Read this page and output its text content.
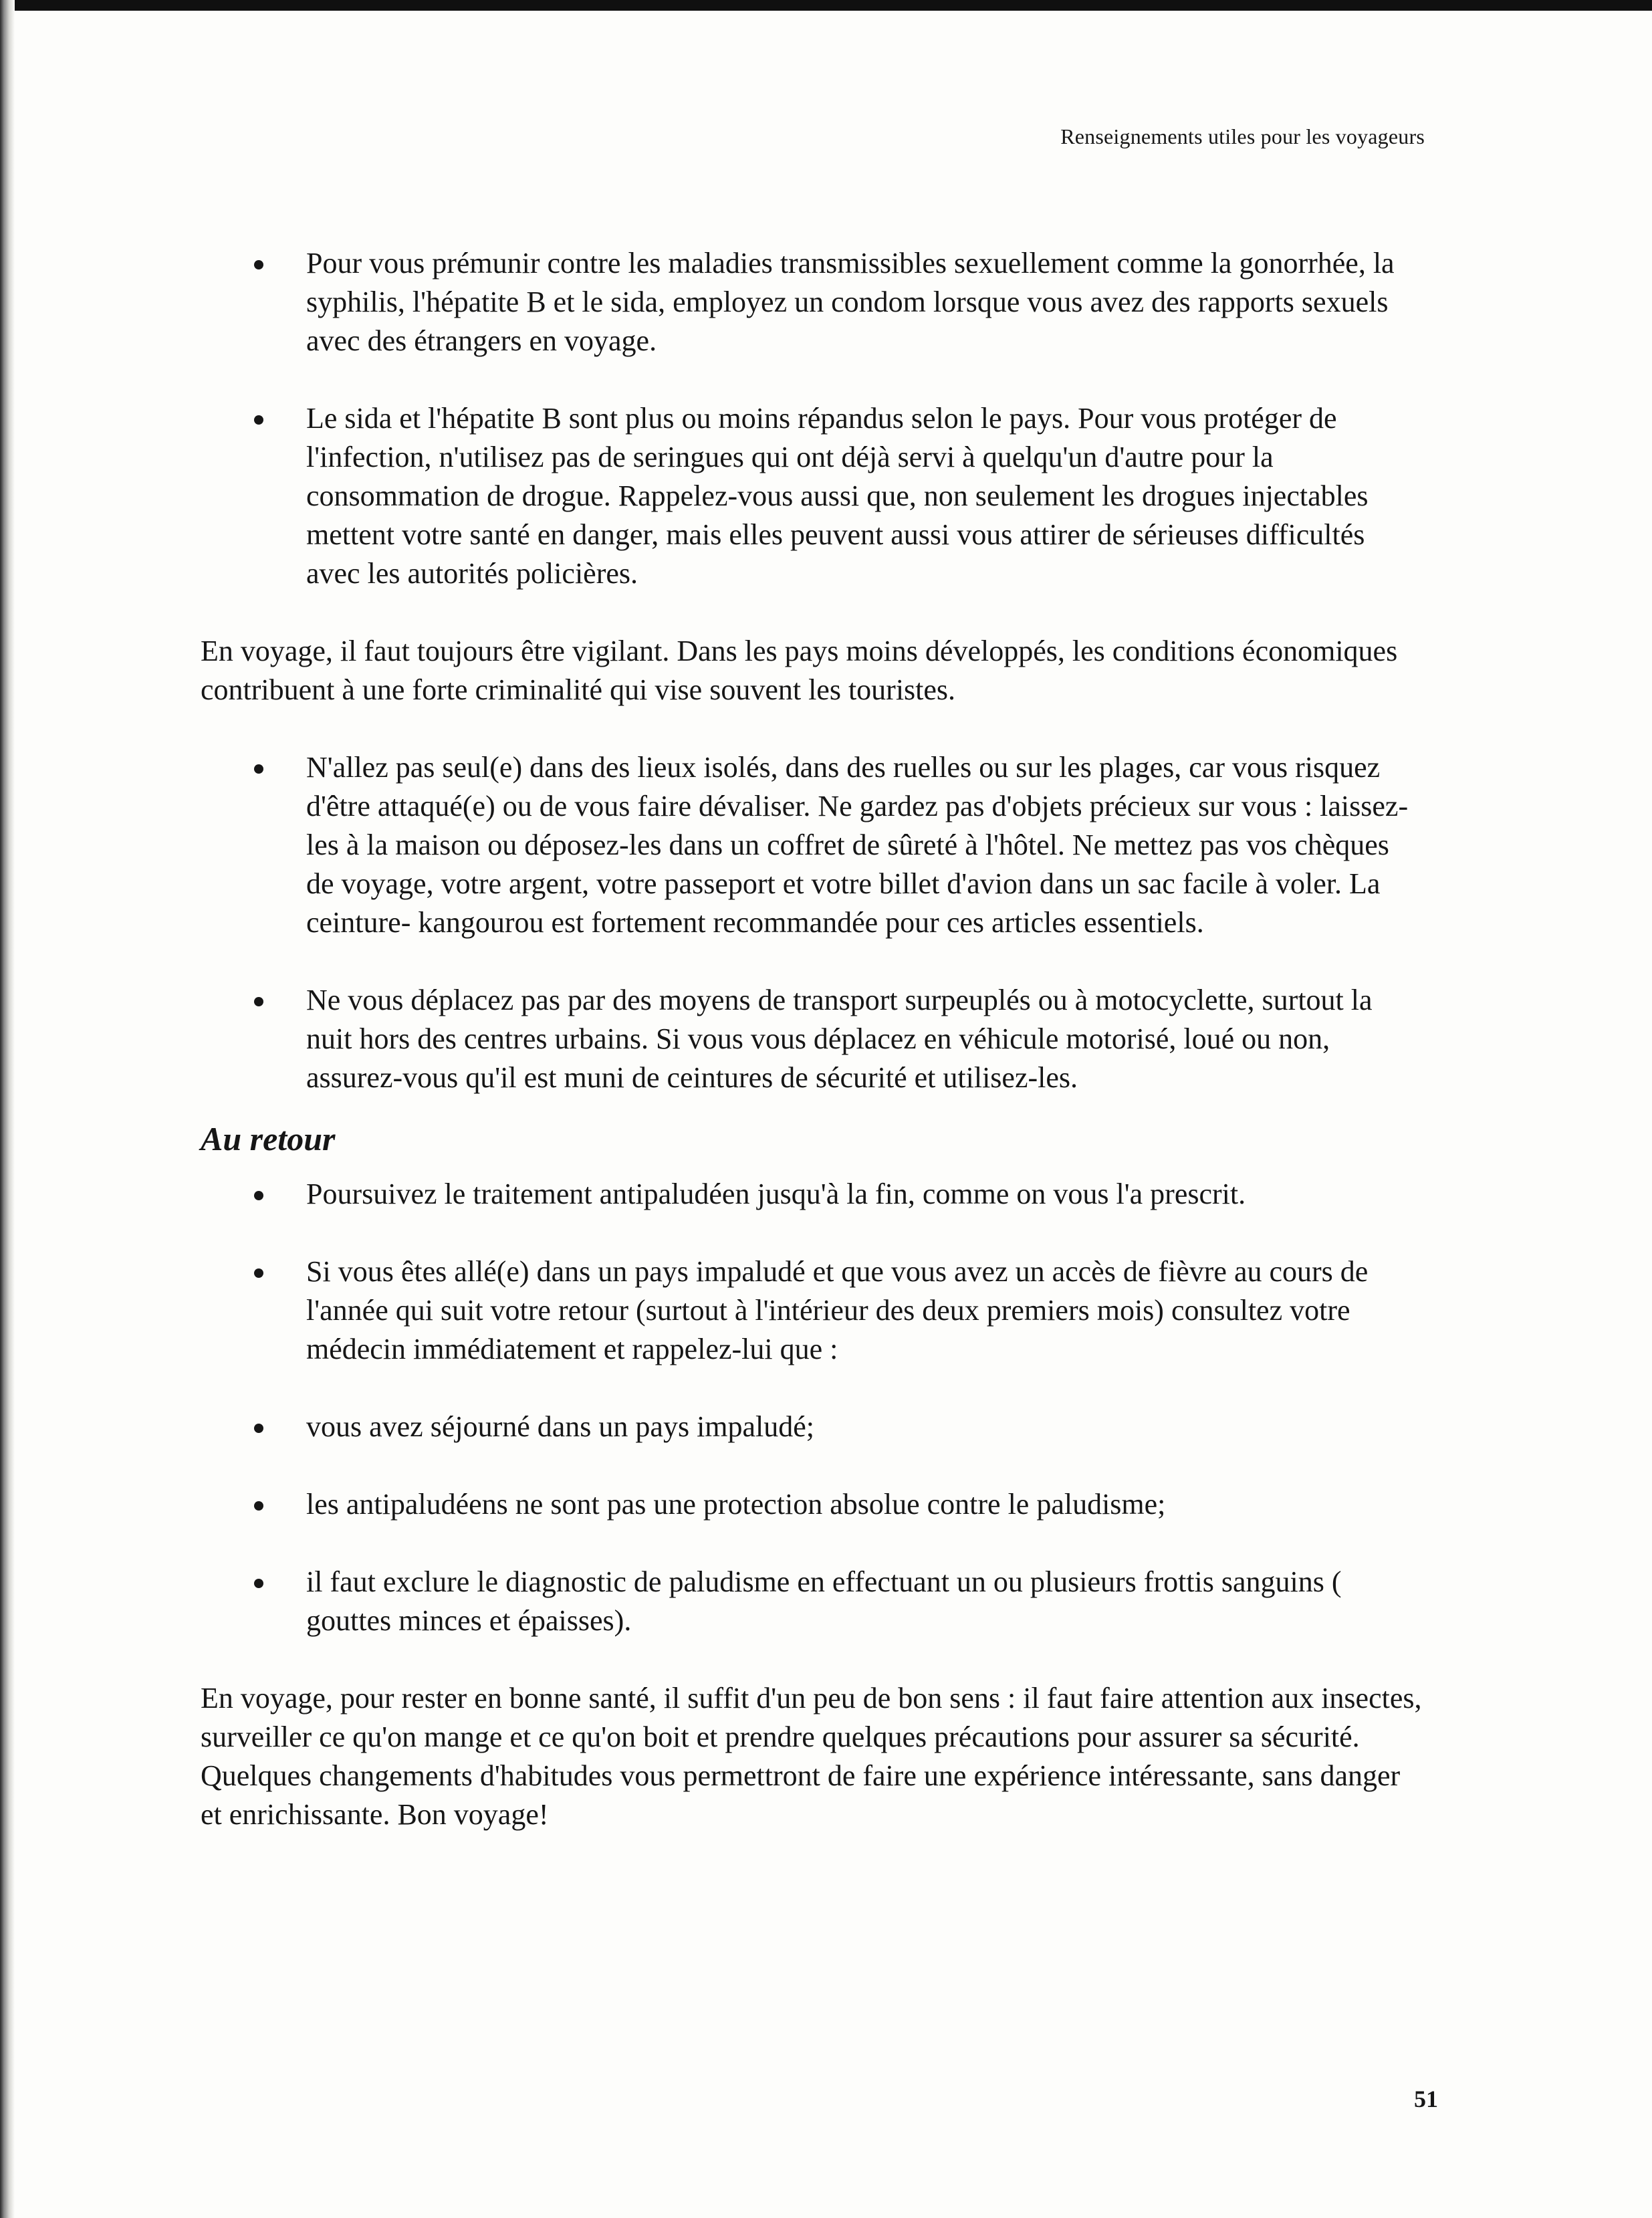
Renseignements utiles pour les voyageurs
Pour vous prémunir contre les maladies transmissibles sexuellement comme la gonorrhée, la syphilis, l'hépatite B et le sida, employez un condom lorsque vous avez des rapports sexuels avec des étrangers en voyage.
Le sida et l'hépatite B sont plus ou moins répandus selon le pays. Pour vous protéger de l'infection, n'utilisez pas de seringues qui ont déjà servi à quelqu'un d'autre pour la consommation de drogue. Rappelez-vous aussi que, non seulement les drogues injectables mettent votre santé en danger, mais elles peuvent aussi vous attirer de sérieuses difficultés avec les autorités policières.

En voyage, il faut toujours être vigilant. Dans les pays moins développés, les conditions économiques contribuent à une forte criminalité qui vise souvent les touristes.

N'allez pas seul(e) dans des lieux isolés, dans des ruelles ou sur les plages, car vous risquez d'être attaqué(e) ou de vous faire dévaliser. Ne gardez pas d'objets précieux sur vous : laissez-les à la maison ou déposez-les dans un coffret de sûreté à l'hôtel. Ne mettez pas vos chèques de voyage, votre argent, votre passeport et votre billet d'avion dans un sac facile à voler. La ceinture- kangourou est fortement recommandée pour ces articles essentiels.
Ne vous déplacez pas par des moyens de transport surpeuplés ou à motocyclette, surtout la nuit hors des centres urbains. Si vous vous déplacez en véhicule motorisé, loué ou non, assurez-vous qu'il est muni de ceintures de sécurité et utilisez-les.
Au retour
Poursuivez le traitement antipaludéen jusqu'à la fin, comme on vous l'a prescrit.
Si vous êtes allé(e) dans un pays impaludé et que vous avez un accès de fièvre au cours de l'année qui suit votre retour (surtout à l'intérieur des deux premiers mois) consultez votre médecin immédiatement et rappelez-lui que :
vous avez séjourné dans un pays impaludé;
les antipaludéens ne sont pas une protection absolue contre le paludisme;
il faut exclure le diagnostic de paludisme en effectuant un ou plusieurs frottis sanguins ( gouttes minces et épaisses).

En voyage, pour rester en bonne santé, il suffit d'un peu de bon sens : il faut faire attention aux insectes, surveiller ce qu'on mange et ce qu'on boit et prendre quelques précautions pour assurer sa sécurité. Quelques changements d'habitudes vous permettront de faire une expérience intéressante, sans danger et enrichissante. Bon voyage!

51
